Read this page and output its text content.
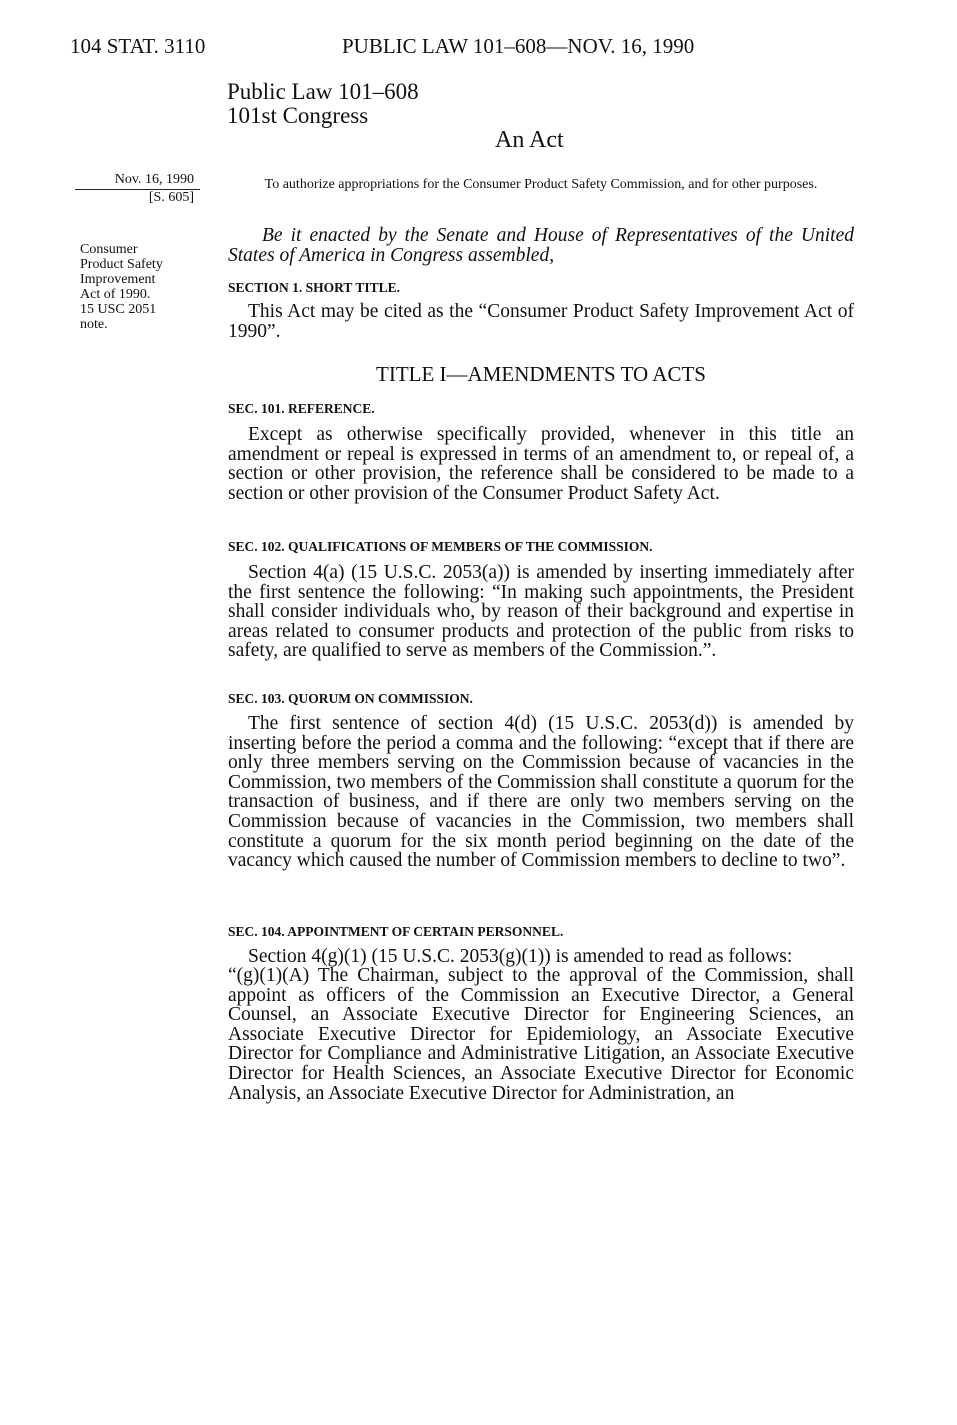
104 STAT. 3110	PUBLIC LAW 101–608—NOV. 16, 1990
Public Law 101–608
101st Congress
An Act
Nov. 16, 1990
[S. 605]
Consumer
Product Safety
Improvement
Act of 1990.
15 USC 2051
note.
To authorize appropriations for the Consumer Product Safety Commission, and for other purposes.
Be it enacted by the Senate and House of Representatives of the United States of America in Congress assembled,
SECTION 1. SHORT TITLE.

This Act may be cited as the “Consumer Product Safety Improvement Act of 1990”.

TITLE I—AMENDMENTS TO ACTS
SEC. 101. REFERENCE.

Except as otherwise specifically provided, whenever in this title an amendment or repeal is expressed in terms of an amendment to, or repeal of, a section or other provision, the reference shall be considered to be made to a section or other provision of the Consumer Product Safety Act.

SEC. 102. QUALIFICATIONS OF MEMBERS OF THE COMMISSION.

Section 4(a) (15 U.S.C. 2053(a)) is amended by inserting immediately after the first sentence the following: “In making such appointments, the President shall consider individuals who, by reason of their background and expertise in areas related to consumer products and protection of the public from risks to safety, are qualified to serve as members of the Commission.”.

SEC. 103. QUORUM ON COMMISSION.

The first sentence of section 4(d) (15 U.S.C. 2053(d)) is amended by inserting before the period a comma and the following: “except that if there are only three members serving on the Commission because of vacancies in the Commission, two members of the Commission shall constitute a quorum for the transaction of business, and if there are only two members serving on the Commission because of vacancies in the Commission, two members shall constitute a quorum for the six month period beginning on the date of the vacancy which caused the number of Commission members to decline to two”.

SEC. 104. APPOINTMENT OF CERTAIN PERSONNEL.

Section 4(g)(1) (15 U.S.C. 2053(g)(1)) is amended to read as follows:

“(g)(1)(A) The Chairman, subject to the approval of the Commission, shall appoint as officers of the Commission an Executive Director, a General Counsel, an Associate Executive Director for Engineering Sciences, an Associate Executive Director for Epidemiology, an Associate Executive Director for Compliance and Administrative Litigation, an Associate Executive Director for Health Sciences, an Associate Executive Director for Economic Analysis, an Associate Executive Director for Administration, an
